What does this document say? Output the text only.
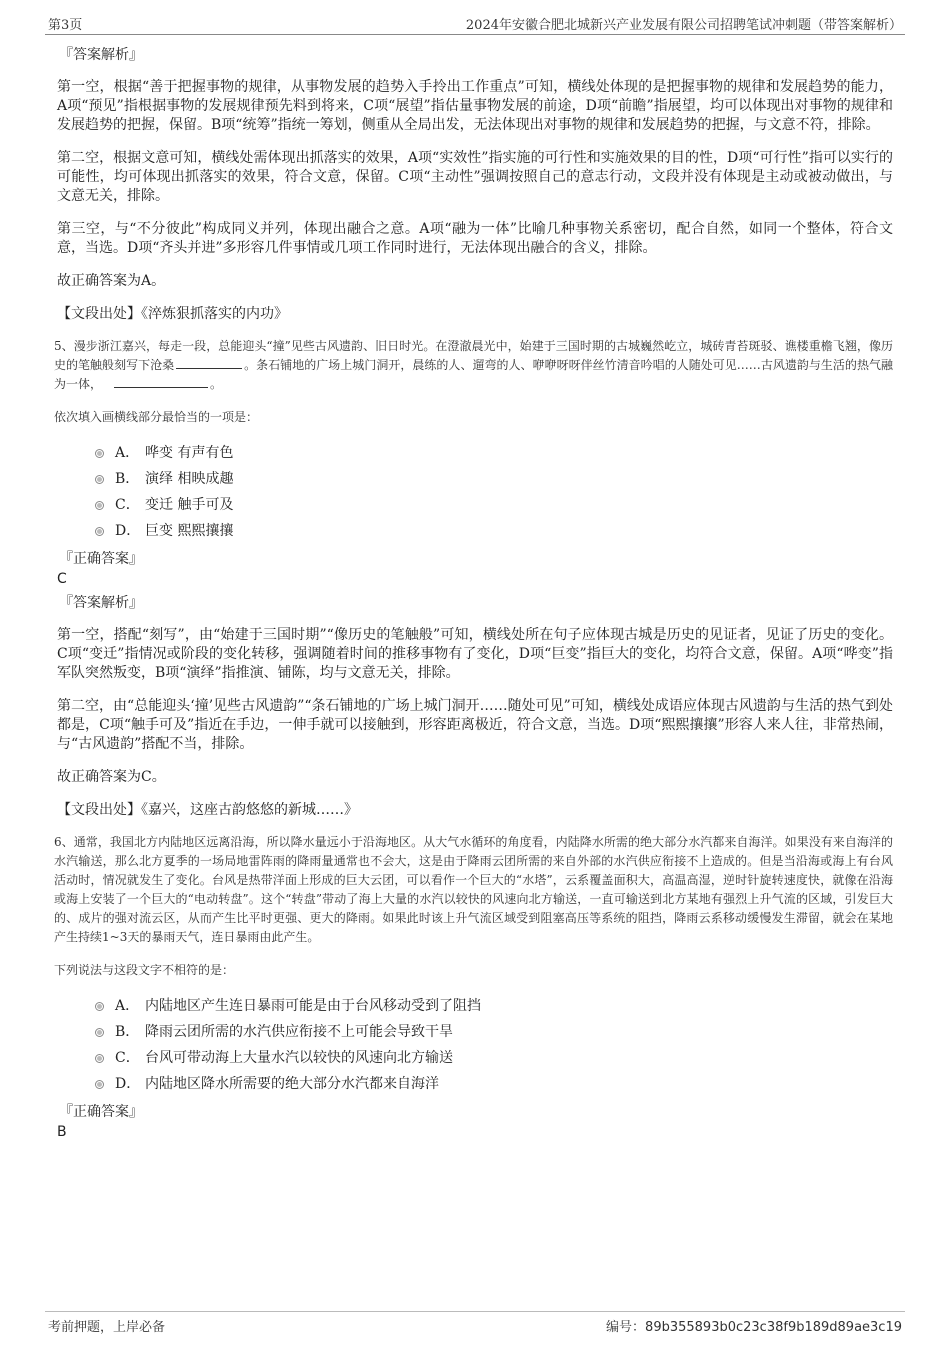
第3页	2024年安徽合肥北城新兴产业发展有限公司招聘笔试冲刺题（带答案解析）
『答案解析』
第一空，根据“善于把握事物的规律，从事物发展的趋势入手拎出工作重点”可知，横线处体现的是把握事物的规律和发展趋势的能力，A项“预见”指根据事物的发展规律预先料到将来，C项“展望”指估量事物发展的前途，D项“前瞻”指展望，均可以体现出对事物的规律和发展趋势的把握，保留。B项“统筹”指统一筹划，侧重从全局出发，无法体现出对事物的规律和发展趋势的把握，与文意不符，排除。
第二空，根据文意可知，横线处需体现出抓落实的效果，A项“实效性”指实施的可行性和实施效果的目的性，D项“可行性”指可以实行的可能性，均可体现出抓落实的效果，符合文意，保留。C项“主动性”强调按照自己的意志行动，文段并没有体现是主动或被动做出，与文意无关，排除。
第三空，与“不分彼此”构成同义并列，体现出融合之意。A项“融为一体”比喻几种事物关系密切，配合自然，如同一个整体，符合文意，当选。D项“齐头并进”多形容几件事情或几项工作同时进行，无法体现出融合的含义，排除。
故正确答案为A。
【文段出处】《淬炼狠抓落实的内功》
5、漫步浙江嘉兴，每走一段，总能迎头“撞”见些古风遗韵、旧日时光。在澄澈晨光中，始建于三国时期的古城巍然屹立，城砖青苔斑驳、谯楼重檐飞翘，像历史的笔触般刻写下沧桑	。条石铺地的广场上城门洞开，晨练的人、遛弯的人、咿咿呀呀伴丝竹清音吟唱的人随处可见……古风遗韵与生活的热气融为一体，	。
依次填入画横线部分最恰当的一项是：
A． 哗变 有声有色
B． 演绎 相映成趣
C． 变迁 触手可及
D． 巨变 熙熙攘攘
『正确答案』
C
『答案解析』
第一空，搭配“刻写”，由“始建于三国时期”“像历史的笔触般”可知，横线处所在句子应体现古城是历史的见证者，见证了历史的变化。C项“变迁”指情况或阶段的变化转移，强调随着时间的推移事物有了变化，D项“巨变”指巨大的变化，均符合文意，保留。A项“哗变”指军队突然叛变，B项“演绎”指推演、铺陈，均与文意无关，排除。
第二空，由“总能迎头‘撞’见些古风遗韵”“条石铺地的广场上城门洞开……随处可见”可知，横线处成语应体现古风遗韵与生活的热气到处都是，C项“触手可及”指近在手边，一伸手就可以接触到，形容距离极近，符合文意，当选。D项“熙熙攘攘”形容人来人往，非常热闹，与“古风遗韵”搭配不当，排除。
故正确答案为C。
【文段出处】《嘉兴，这座古韵悠悠的新城……》
6、通常，我国北方内陆地区远离沿海，所以降水量远小于沿海地区。从大气水循环的角度看，内陆降水所需的绝大部分水汽都来自海洋。如果没有来自海洋的水汽输送，那么北方夏季的一场局地雷阵雨的降雨量通常也不会大，这是由于降雨云团所需的来自外部的水汽供应衔接不上造成的。但是当沿海或海上有台风活动时，情况就发生了变化。台风是热带洋面上形成的巨大云团，可以看作一个巨大的“水塔”，云系覆盖面积大，高温高湿，逆时针旋转速度快，就像在沿海或海上安装了一个巨大的“电动转盘”。这个“转盘”带动了海上大量的水汽以较快的风速向北方输送，一直可输送到北方某地有强烈上升气流的区域，引发巨大的、成片的强对流云区，从而产生比平时更强、更大的降雨。如果此时该上升气流区域受到阻塞高压等系统的阻挡，降雨云系移动缓慢发生滞留，就会在某地产生持续1~3天的暴雨天气，连日暴雨由此产生。
下列说法与这段文字不相符的是：
A． 内陆地区产生连日暴雨可能是由于台风移动受到了阻挡
B． 降雨云团所需的水汽供应衔接不上可能会导致干旱
C． 台风可带动海上大量水汽以较快的风速向北方输送
D． 内陆地区降水所需要的绝大部分水汽都来自海洋
『正确答案』
B
考前押题，上岸必备	编号：89b355893b0c23c38f9b189d89ae3c19
